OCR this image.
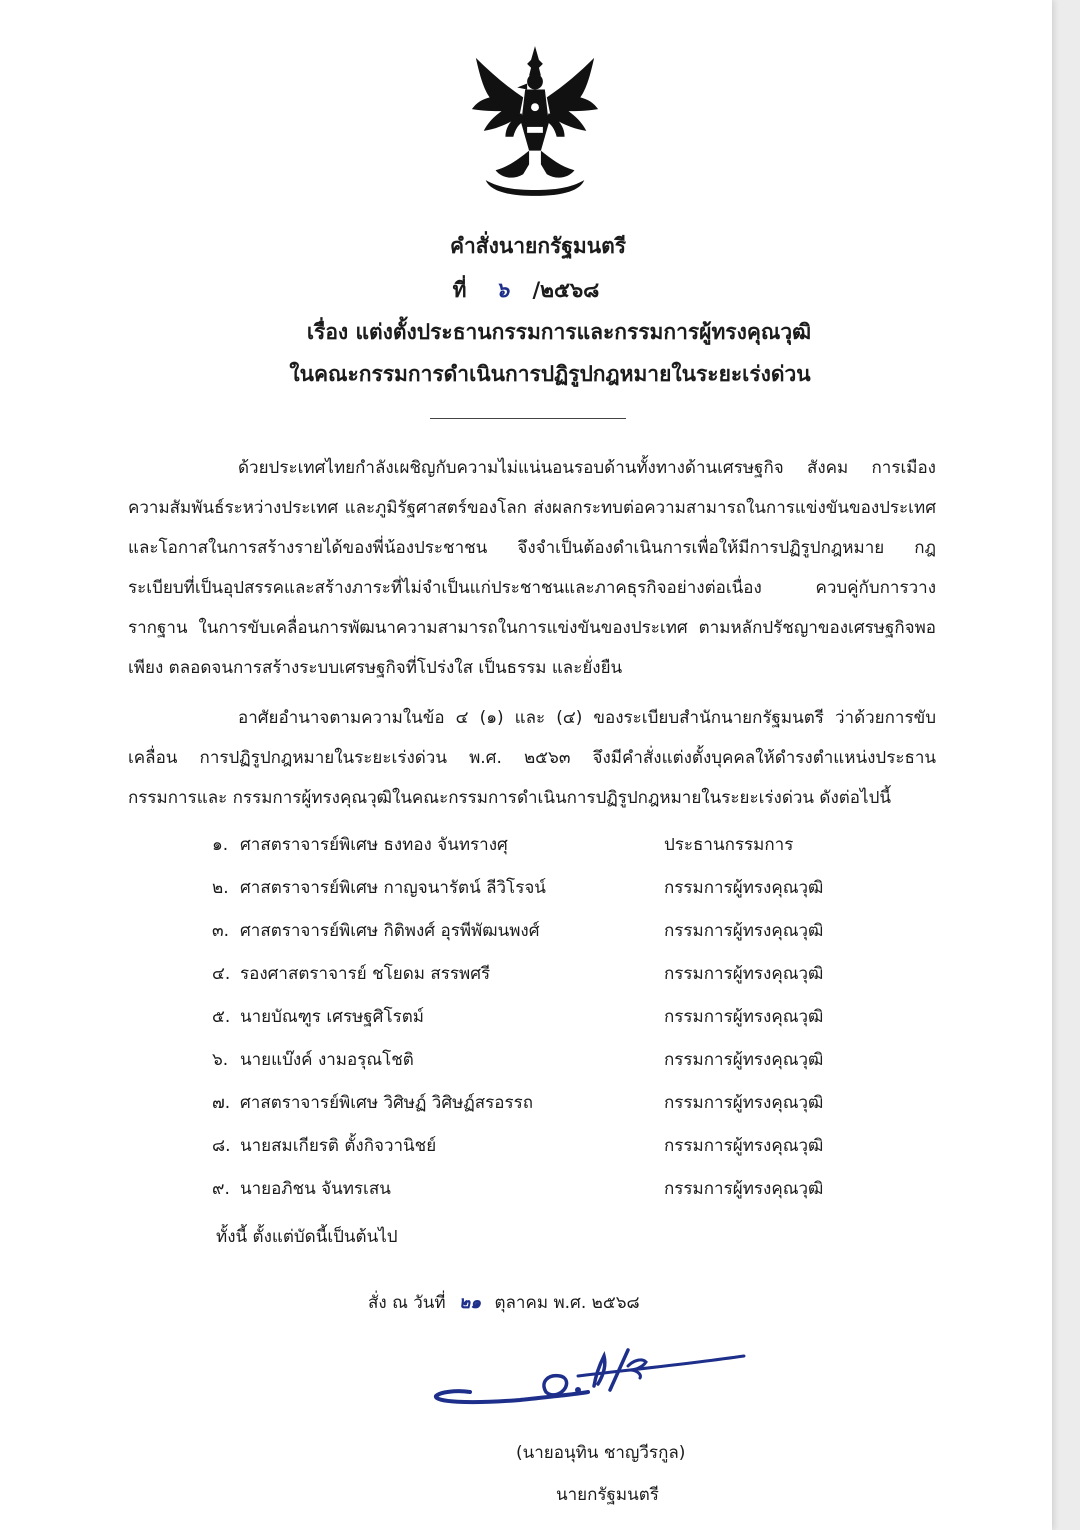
คำสั่งนายกรัฐมนตรี
ที่ ๖ /๒๕๖๘
เรื่อง แต่งตั้งประธานกรรมการและกรรมการผู้ทรงคุณวุฒิ
ในคณะกรรมการดำเนินการปฏิรูปกฎหมายในระยะเร่งด่วน
ด้วยประเทศไทยกำลังเผชิญกับความไม่แน่นอนรอบด้านทั้งทางด้านเศรษฐกิจ สังคม การเมือง ความสัมพันธ์ระหว่างประเทศ และภูมิรัฐศาสตร์ของโลก ส่งผลกระทบต่อความสามารถในการแข่งขันของประเทศ และโอกาสในการสร้างรายได้ของพี่น้องประชาชน จึงจำเป็นต้องดำเนินการเพื่อให้มีการปฏิรูปกฎหมาย กฎ ระเบียบที่เป็นอุปสรรคและสร้างภาระที่ไม่จำเป็นแก่ประชาชนและภาคธุรกิจอย่างต่อเนื่อง ควบคู่กับการวางรากฐาน ในการขับเคลื่อนการพัฒนาความสามารถในการแข่งขันของประเทศ ตามหลักปรัชญาของเศรษฐกิจพอเพียง ตลอดจนการสร้างระบบเศรษฐกิจที่โปร่งใส เป็นธรรม และยั่งยืน
อาศัยอำนาจตามความในข้อ ๔ (๑) และ (๔) ของระเบียบสำนักนายกรัฐมนตรี ว่าด้วยการขับเคลื่อน การปฏิรูปกฎหมายในระยะเร่งด่วน พ.ศ. ๒๕๖๓ จึงมีคำสั่งแต่งตั้งบุคคลให้ดำรงตำแหน่งประธานกรรมการและ กรรมการผู้ทรงคุณวุฒิในคณะกรรมการดำเนินการปฏิรูปกฎหมายในระยะเร่งด่วน ดังต่อไปนี้
๑. ศาสตราจารย์พิเศษ ธงทอง จันทรางศุ	ประธานกรรมการ
๒. ศาสตราจารย์พิเศษ กาญจนารัตน์ ลีวิโรจน์	กรรมการผู้ทรงคุณวุฒิ
๓. ศาสตราจารย์พิเศษ กิติพงศ์ อุรพีพัฒนพงศ์	กรรมการผู้ทรงคุณวุฒิ
๔. รองศาสตราจารย์ ชโยดม สรรพศรี	กรรมการผู้ทรงคุณวุฒิ
๕. นายบัณฑูร เศรษฐศิโรตม์	กรรมการผู้ทรงคุณวุฒิ
๖. นายแบ๊งค์ งามอรุณโชติ	กรรมการผู้ทรงคุณวุฒิ
๗. ศาสตราจารย์พิเศษ วิศิษฏ์ วิศิษฏ์สรอรรถ	กรรมการผู้ทรงคุณวุฒิ
๘. นายสมเกียรติ ตั้งกิจวานิชย์	กรรมการผู้ทรงคุณวุฒิ
๙. นายอภิชน จันทรเสน	กรรมการผู้ทรงคุณวุฒิ
ทั้งนี้ ตั้งแต่บัดนี้เป็นต้นไป
สั่ง ณ วันที่ ๒๑ ตุลาคม พ.ศ. ๒๕๖๘
(นายอนุทิน ชาญวีรกูล)
นายกรัฐมนตรี
